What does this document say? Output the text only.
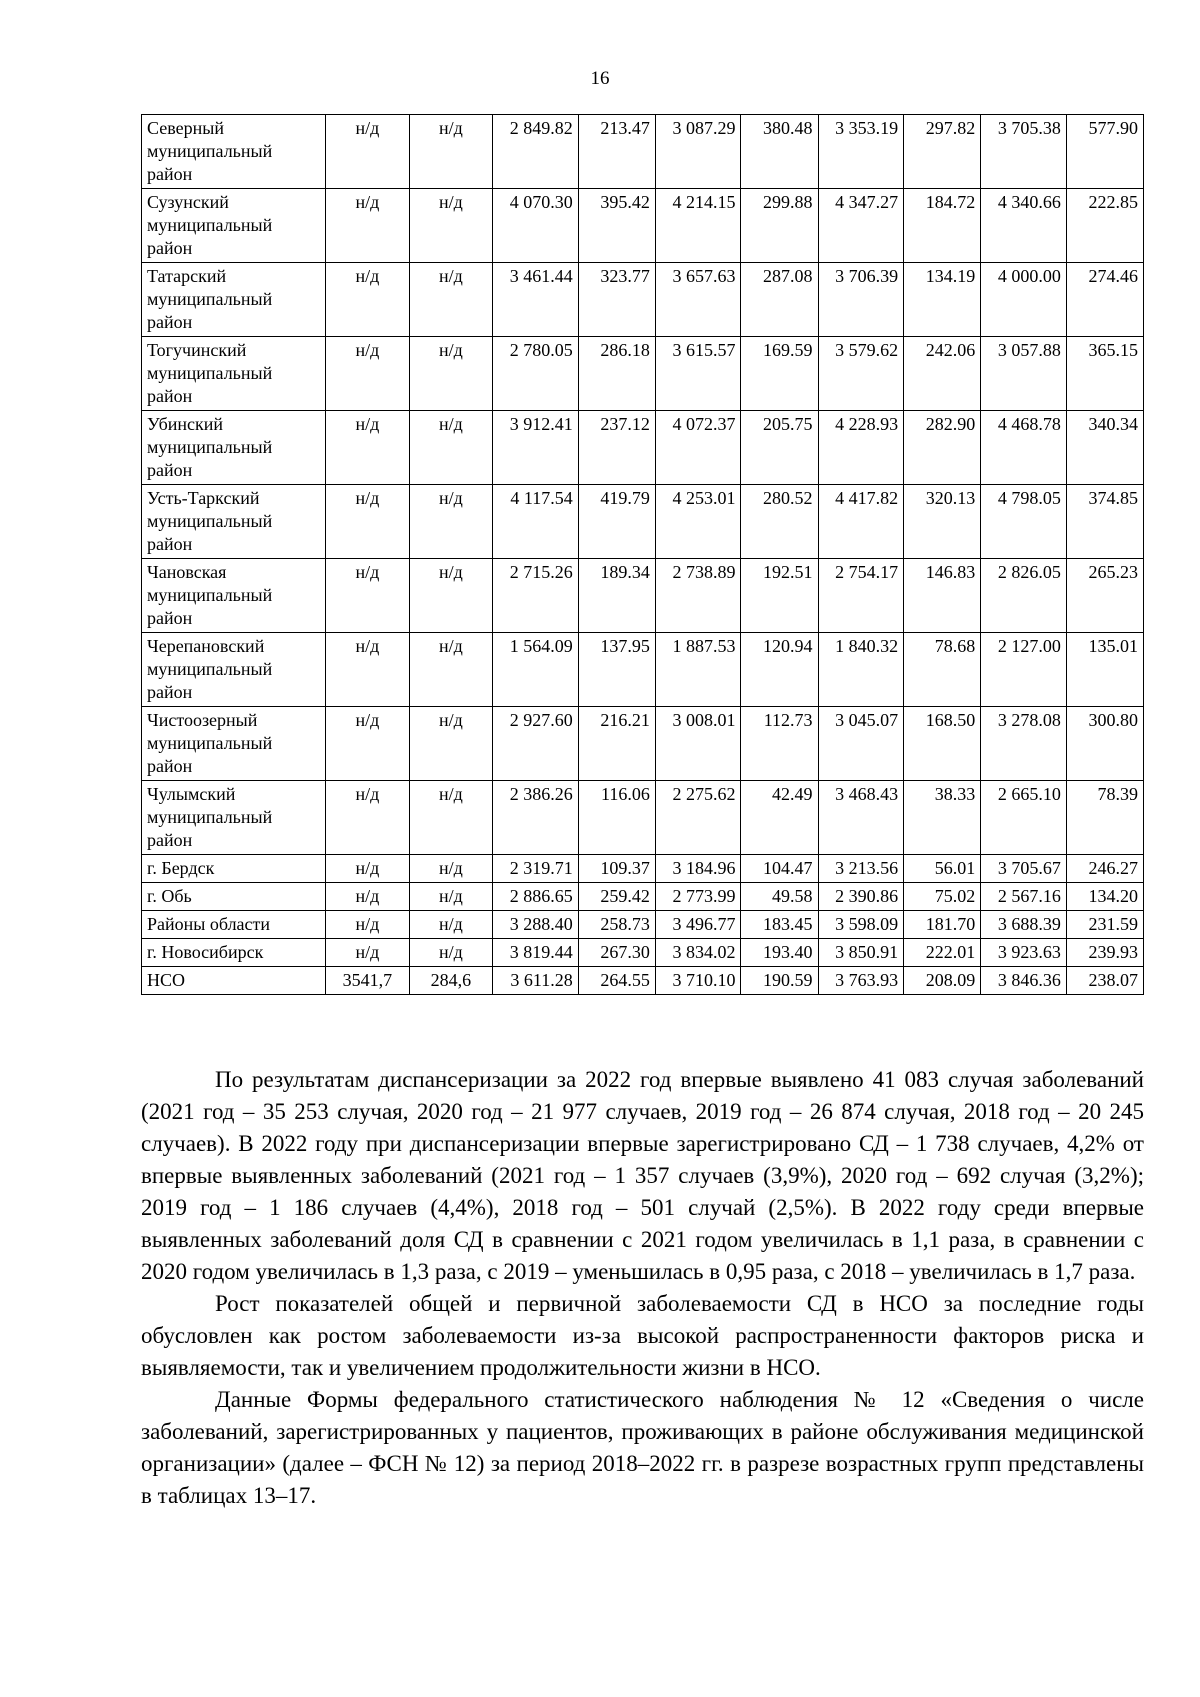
16
Северный
муниципальный
район	н/д	н/д	2 849.82	213.47	3 087.29	380.48	3 353.19	297.82	3 705.38	577.90

Сузунский
муниципальный
район	н/д	н/д	4 070.30	395.42	4 214.15	299.88	4 347.27	184.72	4 340.66	222.85

Татарский
муниципальный
район	н/д	н/д	3 461.44	323.77	3 657.63	287.08	3 706.39	134.19	4 000.00	274.46

Тогучинский
муниципальный
район	н/д	н/д	2 780.05	286.18	3 615.57	169.59	3 579.62	242.06	3 057.88	365.15

Убинский
муниципальный
район	н/д	н/д	3 912.41	237.12	4 072.37	205.75	4 228.93	282.90	4 468.78	340.34

Усть-Таркский
муниципальный
район	н/д	н/д	4 117.54	419.79	4 253.01	280.52	4 417.82	320.13	4 798.05	374.85

Чановская
муниципальный
район	н/д	н/д	2 715.26	189.34	2 738.89	192.51	2 754.17	146.83	2 826.05	265.23

Черепановский
муниципальный
район	н/д	н/д	1 564.09	137.95	1 887.53	120.94	1 840.32	78.68	2 127.00	135.01

Чистоозерный
муниципальный
район	н/д	н/д	2 927.60	216.21	3 008.01	112.73	3 045.07	168.50	3 278.08	300.80

Чулымский
муниципальный
район	н/д	н/д	2 386.26	116.06	2 275.62	42.49	3 468.43	38.33	2 665.10	78.39

г. Бердск	н/д	н/д	2 319.71	109.37	3 184.96	104.47	3 213.56	56.01	3 705.67	246.27

г. Обь	н/д	н/д	2 886.65	259.42	2 773.99	49.58	2 390.86	75.02	2 567.16	134.20

Районы области	н/д	н/д	3 288.40	258.73	3 496.77	183.45	3 598.09	181.70	3 688.39	231.59

г. Новосибирск	н/д	н/д	3 819.44	267.30	3 834.02	193.40	3 850.91	222.01	3 923.63	239.93

НСО	3541,7	284,6	3 611.28	264.55	3 710.10	190.59	3 763.93	208.09	3 846.36	238.07

По результатам диспансеризации за 2022 год впервые выявлено 41 083 случая заболеваний (2021 год – 35 253 случая, 2020 год – 21 977 случаев, 2019 год – 26 874 случая, 2018 год – 20 245 случаев). В 2022 году при диспансеризации впервые зарегистрировано СД – 1 738 случаев, 4,2% от впервые выявленных заболеваний (2021 год – 1 357 случаев (3,9%), 2020 год – 692 случая (3,2%); 2019 год – 1 186 случаев (4,4%), 2018 год – 501 случай (2,5%). В 2022 году среди впервые выявленных заболеваний доля СД в сравнении с 2021 годом увеличилась в 1,1 раза, в сравнении с 2020 годом увеличилась в 1,3 раза, с 2019 – уменьшилась в 0,95 раза, с 2018 – увеличилась в 1,7 раза.

Рост показателей общей и первичной заболеваемости СД в НСО за последние годы обусловлен как ростом заболеваемости из-за высокой распространенности факторов риска и выявляемости, так и увеличением продолжительности жизни в НСО.

Данные Формы федерального статистического наблюдения № 12 «Сведения о числе заболеваний, зарегистрированных у пациентов, проживающих в районе обслуживания медицинской организации» (далее – ФСН № 12) за период 2018–2022 гг. в разрезе возрастных групп представлены в таблицах 13–17.
